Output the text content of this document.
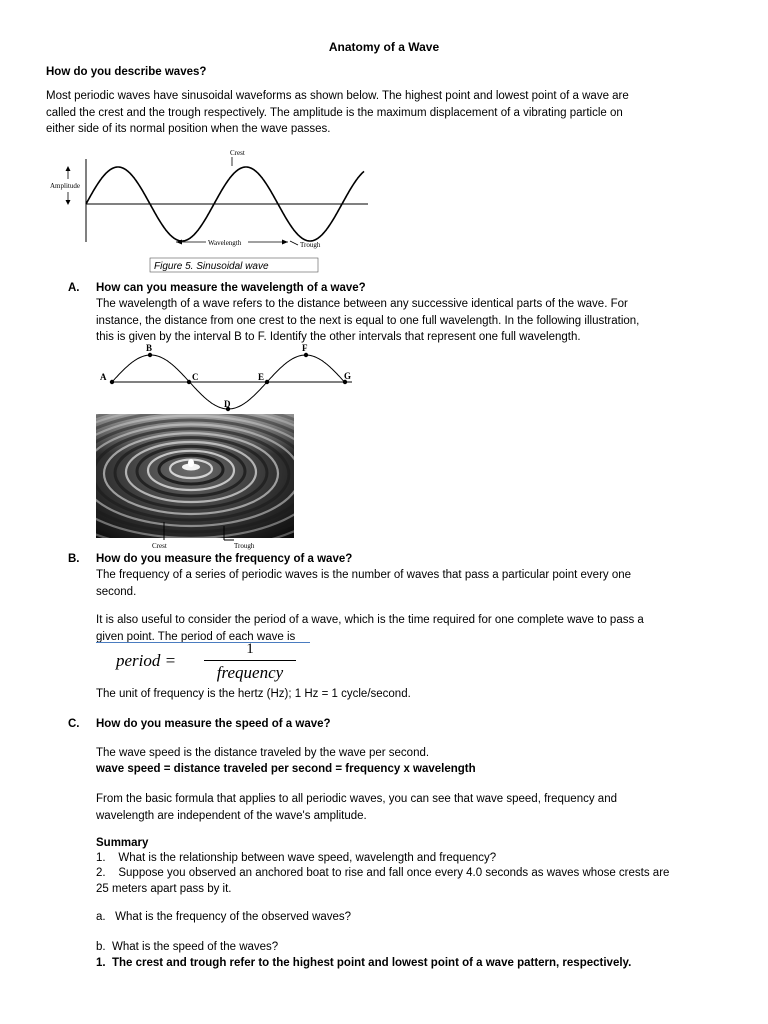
Anatomy of a Wave
How do you describe waves?
Most periodic waves have sinusoidal waveforms as shown below. The highest point and lowest point of a wave are
called the crest and the trough respectively. The amplitude is the maximum displacement of a vibrating particle on
either side of its normal position when the wave passes.
Crest
Amplitude
Wavelength	Trough
Figure 5. Sinusoidal wave
A. How can you measure the wavelength of a wave?
The wavelength of a wave refers to the distance between any successive identical parts of the wave. For
instance, the distance from one crest to the next is equal to one full wavelength. In the following illustration,
this is given by the interval B to F. Identify the other intervals that represent one full wavelength.
A
B
C
D
E
F
G
Crest	Trough
B. How do you measure the frequency of a wave?
The frequency of a series of periodic waves is the number of waves that pass a particular point every one
second.
It is also useful to consider the period of a wave, which is the time required for one complete wave to pass a
given point. The period of each wave is
period =
1
frequency
The unit of frequency is the hertz (Hz); 1 Hz = 1 cycle/second.
C. How do you measure the speed of a wave?
The wave speed is the distance traveled by the wave per second.
wave speed = distance traveled per second = frequency x wavelength
From the basic formula that applies to all periodic waves, you can see that wave speed, frequency and
wavelength are independent of the wave's amplitude.
Summary
1.    What is the relationship between wave speed, wavelength and frequency?
2.    Suppose you observed an anchored boat to rise and fall once every 4.0 seconds as waves whose crests are
25 meters apart pass by it.
a.   What is the frequency of the observed waves?
b.  What is the speed of the waves?
1.  The crest and trough refer to the highest point and lowest point of a wave pattern, respectively.
